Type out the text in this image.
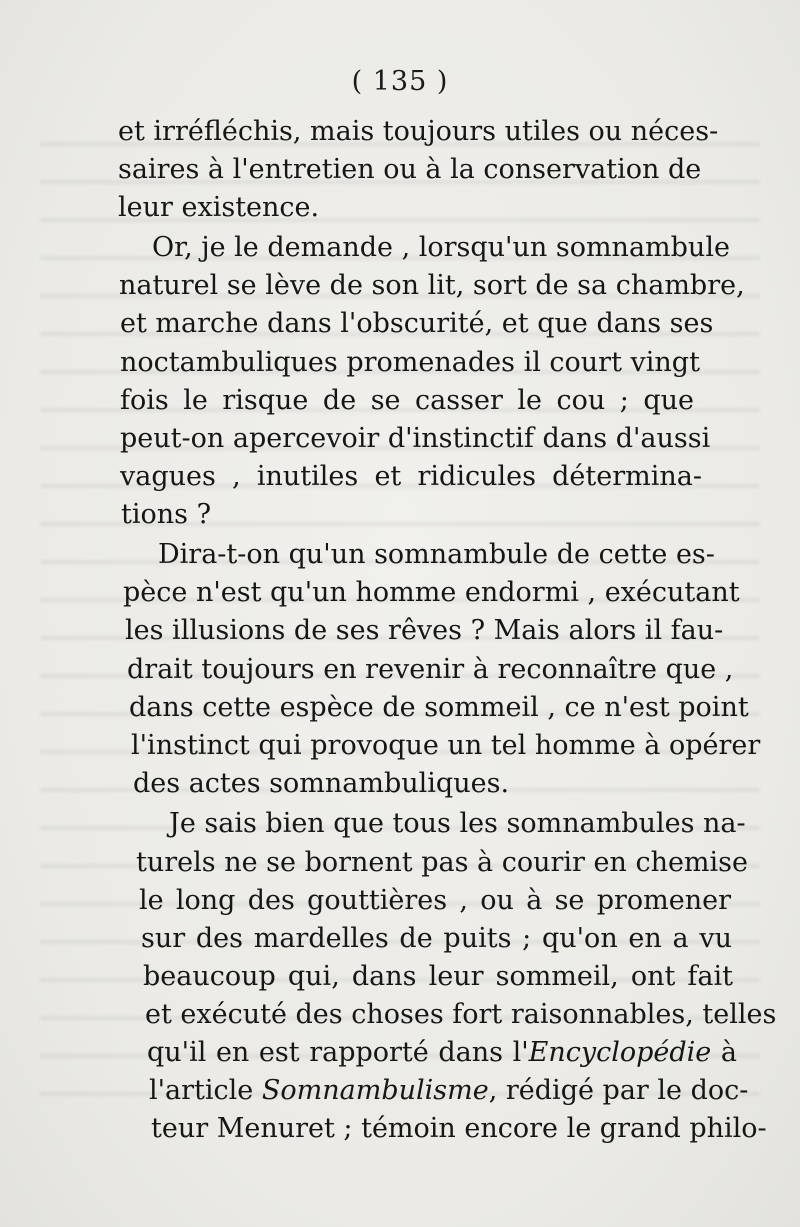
( 135 )
et irréfléchis, mais toujours utiles ou néces-
saires à l'entretien ou à la conservation de
leur existence.
Or, je le demande , lorsqu'un somnambule
naturel se lève de son lit, sort de sa chambre,
et marche dans l'obscurité, et que dans ses
noctambuliques promenades il court vingt
fois le risque de se casser le cou ; que
peut-on apercevoir d'instinctif dans d'aussi
vagues , inutiles et ridicules détermina-
tions ?
Dira-t-on qu'un somnambule de cette es-
pèce n'est qu'un homme endormi , exécutant
les illusions de ses rêves ? Mais alors il fau-
drait toujours en revenir à reconnaître que ,
dans cette espèce de sommeil , ce n'est point
l'instinct qui provoque un tel homme à opérer
des actes somnambuliques.
Je sais bien que tous les somnambules na-
turels ne se bornent pas à courir en chemise
le long des gouttières , ou à se promener
sur des mardelles de puits ; qu'on en a vu
beaucoup qui, dans leur sommeil, ont fait
et exécuté des choses fort raisonnables, telles
qu'il en est rapporté dans l'Encyclopédie à
l'article Somnambulisme, rédigé par le doc-
teur Menuret ; témoin encore le grand philo-
